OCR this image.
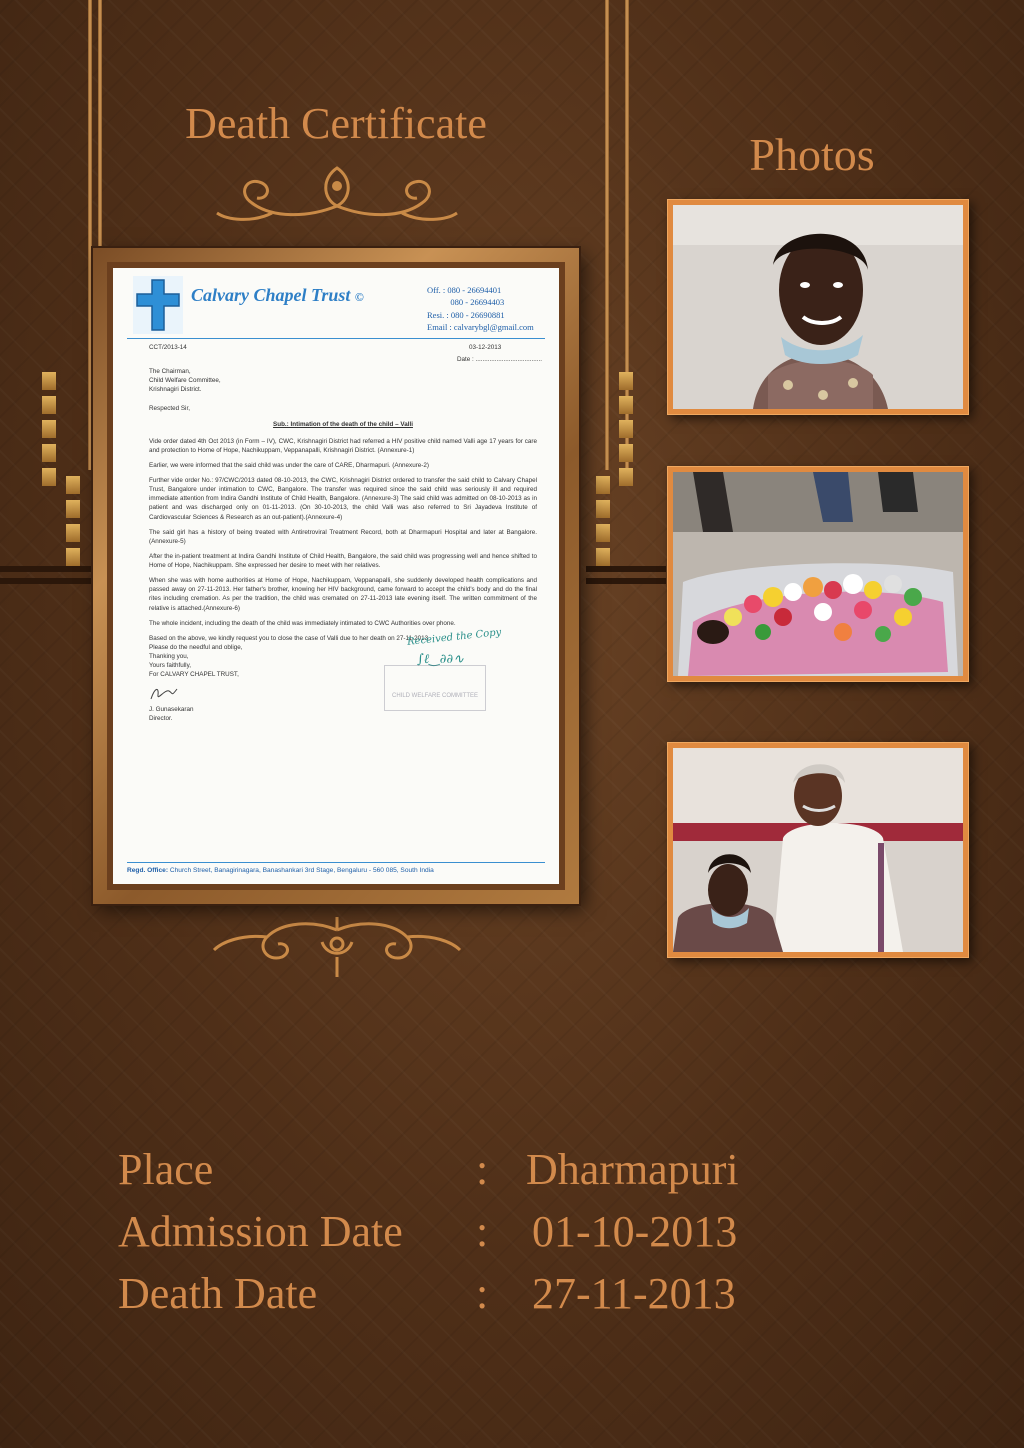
Death Certificate
Photos
Calvary Chapel Trust ©	Off. : 080 - 26694401
080 - 26694403
Resi. : 080 - 26690881
Email : calvarybgl@gmail.com
CCT/2013-14	03-12-2013
Date : ......................................
The Chairman,
Child Welfare Committee,
Krishnagiri District.
Respected Sir,
Sub.: Intimation of the death of the child – Valli

Vide order dated 4th Oct 2013 (in Form – IV), CWC, Krishnagiri District had referred a HIV positive child named Valli age 17 years for care and protection to Home of Hope, Nachikuppam, Veppanapalli, Krishnagiri District. (Annexure-1)

Earlier, we were informed that the said child was under the care of CARE, Dharmapuri. (Annexure-2)

Further vide order No.: 97/CWC/2013 dated 08-10-2013, the CWC, Krishnagiri District ordered to transfer the said child to Calvary Chapel Trust, Bangalore under intimation to CWC, Bangalore. The transfer was required since the said child was seriously ill and required immediate attention from Indira Gandhi Institute of Child Health, Bangalore. (Annexure-3) The said child was admitted on 08-10-2013 as in patient and was discharged only on 01-11-2013. (On 30-10-2013, the child Valli was also referred to Sri Jayadeva Institute of Cardiovascular Sciences & Research as an out-patient).(Annexure-4)

The said girl has a history of being treated with Antiretroviral Treatment Record, both at Dharmapuri Hospital and later at Bangalore.(Annexure-5)

After the in-patient treatment at Indira Gandhi Institute of Child Health, Bangalore, the said child was progressing well and hence shifted to Home of Hope, Nachikuppam. She expressed her desire to meet with her relatives.

When she was with home authorities at Home of Hope, Nachikuppam, Veppanapalli, she suddenly developed health complications and passed away on 27-11-2013. Her father's brother, knowing her HIV background, came forward to accept the child's body and do the final rites including cremation. As per the tradition, the child was cremated on 27-11-2013 late evening itself. The written commitment of the relative is attached.(Annexure-6)

The whole incident, including the death of the child was immediately intimated to CWC Authorities over phone.

Based on the above, we kindly request you to close the case of Valli due to her death on 27-11-2013.

Please do the needful and oblige,
Thanking you,
Yours faithfully,
For CALVARY CHAPEL TRUST,
Received the Copy
∫ℓ‿∂∂∿
CHILD WELFARE COMMITTEE
J. Gunasekaran
Director.
Regd. Office: Church Street, Banagirinagara, Banashankari 3rd Stage, Bengaluru - 560 085, South India
Place	: Dharmapuri
Admission Date : 01-10-2013
Death Date	: 27-11-2013
